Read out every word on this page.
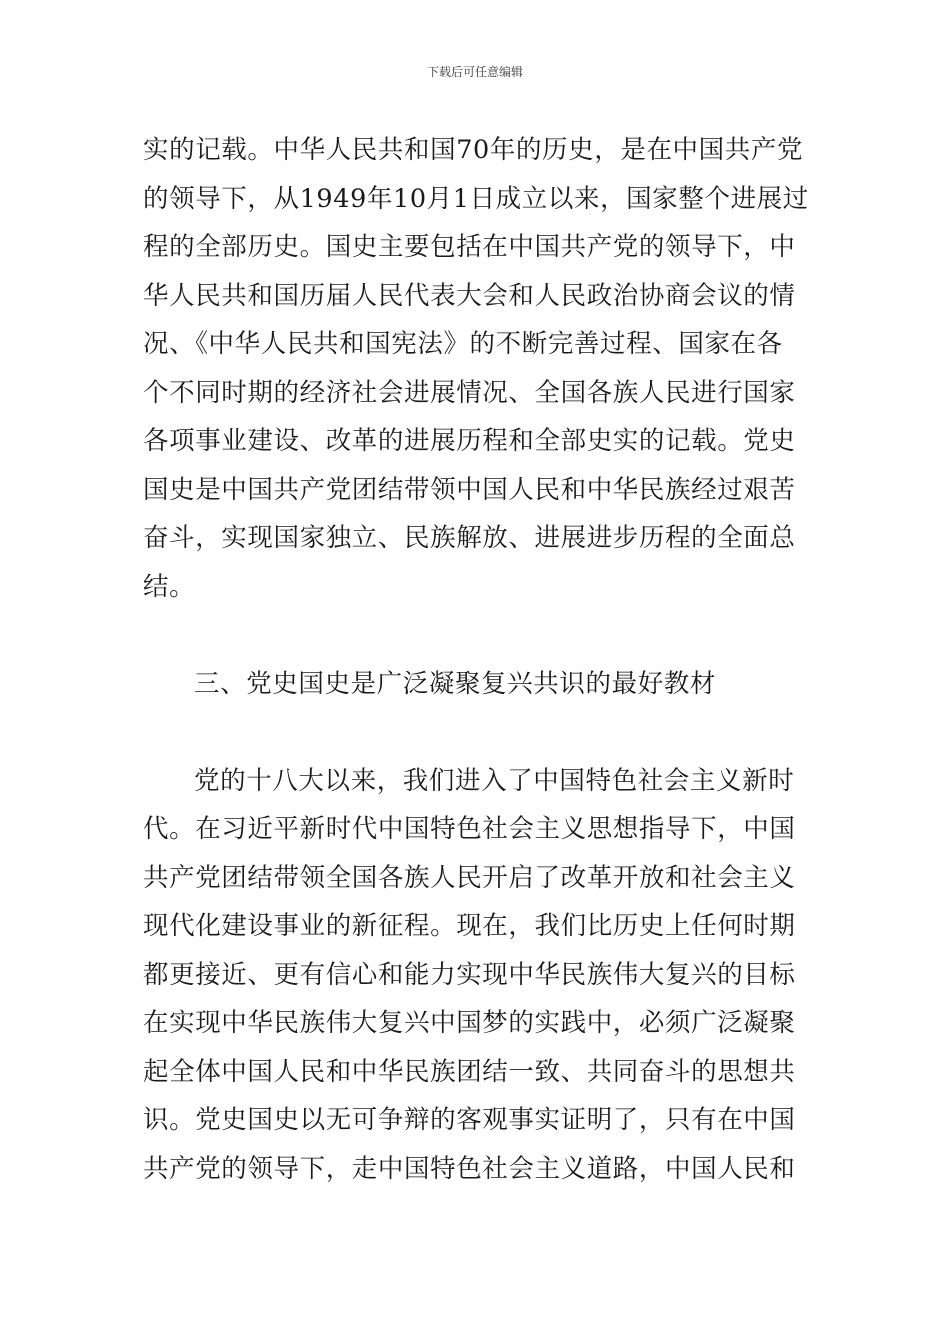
下载后可任意编辑
实的记载。中华人民共和国70年的历史，是在中国共产党
的领导下，从1949年10月1日成立以来，国家整个进展过
程的全部历史。国史主要包括在中国共产党的领导下，中
华人民共和国历届人民代表大会和人民政治协商会议的情
况、《中华人民共和国宪法》的不断完善过程、国家在各
个不同时期的经济社会进展情况、全国各族人民进行国家
各项事业建设、改革的进展历程和全部史实的记载。党史
国史是中国共产党团结带领中国人民和中华民族经过艰苦
奋斗，实现国家独立、民族解放、进展进步历程的全面总
结。
三、党史国史是广泛凝聚复兴共识的最好教材
党的十八大以来，我们进入了中国特色社会主义新时
代。在习近平新时代中国特色社会主义思想指导下，中国
共产党团结带领全国各族人民开启了改革开放和社会主义
现代化建设事业的新征程。现在，我们比历史上任何时期
都更接近、更有信心和能力实现中华民族伟大复兴的目标
在实现中华民族伟大复兴中国梦的实践中，必须广泛凝聚
起全体中国人民和中华民族团结一致、共同奋斗的思想共
识。党史国史以无可争辩的客观事实证明了，只有在中国
共产党的领导下，走中国特色社会主义道路，中国人民和
